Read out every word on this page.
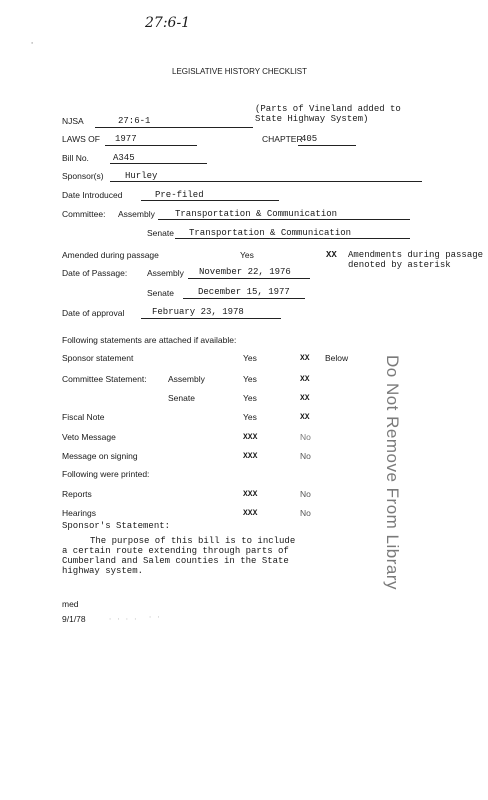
27:6-1
LEGISLATIVE HISTORY CHECKLIST
(Parts of Vineland added to
State Highway System)
NJSA	27:6-1
LAWS OF 1977	CHAPTER
405
Bill No.	A345
Sponsor(s) Hurley
Date Introduced	Pre-filed
Committee: Assembly Transportation & Communication
Senate Transportation & Communication
Amended during passage	Yes	XX Amendments during passage
denoted by asterisk
Date of Passage: Assembly November 22, 1976
Senate	December 15, 1977
Date of approval	February 23, 1978
Following statements are attached if available:
Sponsor statement	Yes	XX Below
Committee Statement:	Assembly	Yes	XX
Senate	Yes	XX
Fiscal Note	Yes	XX
Veto Message	XXX	No
Message on signing	XXX	No
Following were printed:
Reports	XXX	No
Hearings	XXX	No
Sponsor's Statement:
The purpose of this bill is to include
a certain route extending through parts of
Cumberland and Salem counties in the State
highway system.
med
9/1/78
Do Not Remove From Library
·
· · · · · ·
